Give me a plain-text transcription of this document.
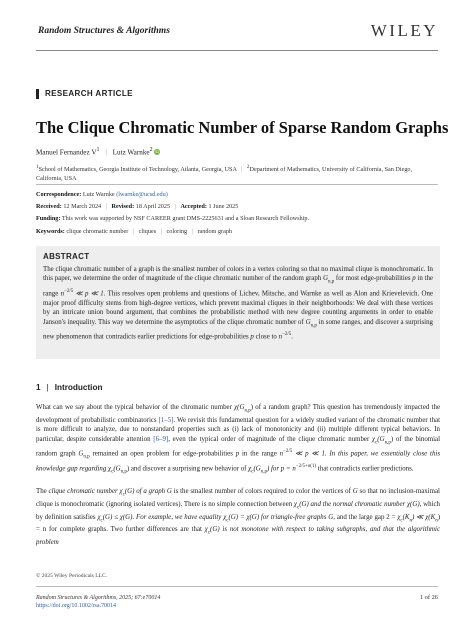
Random Structures & Algorithms	WILEY
RESEARCH ARTICLE
The Clique Chromatic Number of Sparse Random Graphs
Manuel Fernandez $V^1$ | Lutz Warnke$^2$ iD
$^1$School of Mathematics, Georgia Institute of Technology, Atlanta, Georgia, USA | $^2$Department of Mathematics, University of California, San Diego, California, USA
Correspondence: Lutz Warnke (lwarnke@ucsd.edu)
Received: 12 March 2024 | Revised: 18 April 2025 | Accepted: 1 June 2025
Funding: This work was supported by NSF CAREER grant DMS-2225631 and a Sloan Research Fellowship.
Keywords: clique chromatic number | cliques | coloring | random graph
ABSTRACT
The clique chromatic number of a graph is the smallest number of colors in a vertex coloring so that no maximal clique is monochromatic. In this paper, we determine the order of magnitude of the clique chromatic number of the random graph $G_{n,p}$ for most edge-probabilities p in the range $n^{-2/5}$ ≪ p ≪ 1. This resolves open problems and questions of Lichev, Mitsche, and Warnke as well as Alon and Krievelevich. One major proof difficulty stems from high-degree vertices, which prevent maximal cliques in their neighborhoods: We deal with these vertices by an intricate union bound argument, that combines the probabilistic method with new degree counting arguments in order to enable Janson's inequality. This way we determine the asymptotics of the clique chromatic number of $G_{n,p}$ in some ranges, and discover a surprising new phenomenon that contradicts earlier predictions for edge-probabilities p close to $n^{-2/5}$.
1 | Introduction
What can we say about the typical behavior of the chromatic number $\chi(G_{n,p})$ of a random graph? This question has tremendously impacted the development of probabilistic combinatorics [1–5]. We revisit this fundamental question for a widely studied variant of the chromatic number that is more difficult to analyze, due to nonstandard properties such as (i) lack of monotonicity and (ii) multiple different typical behaviors. In particular, despite considerable attention [6–9], even the typical order of magnitude of the clique chromatic number $\chi_c(G_{n,p})$ of the binomial random graph $G_{n,p}$ remained an open problem for edge-probabilities p in the range $n^{-2/5}$ ≪ p ≪ 1. In this paper, we essentially close this knowledge gap regarding $\chi_c(G_{n,p})$ and discover a surprising new behavior of $\chi_c(G_{n,p})$ for $p = n^{-2/5+o(1)}$ that contradicts earlier predictions.
The clique chromatic number $\chi_c(G)$ of a graph G is the smallest number of colors required to color the vertices of G so that no inclusion-maximal clique is monochromatic (ignoring isolated vertices). There is no simple connection between $\chi_c(G)$ and the normal chromatic number χ(G), which by definition satisfies $\chi_c(G) \le \chi(G)$. For example, we have equality $\chi_c(G) = \chi(G)$ for triangle-free graphs G, and the large gap $2 = \chi_c(K_n)$ ≪ $\chi(K_n) = n$ for complete graphs. Two further differences are that $\chi_c(G)$ is not monotone with respect to taking subgraphs, and that the algorithmic problem
© 2025 Wiley Periodicals LLC.
Random Structures & Algorithms, 2025; 67:e70014
https://doi.org/10.1002/rsa.70014
1 of 26
